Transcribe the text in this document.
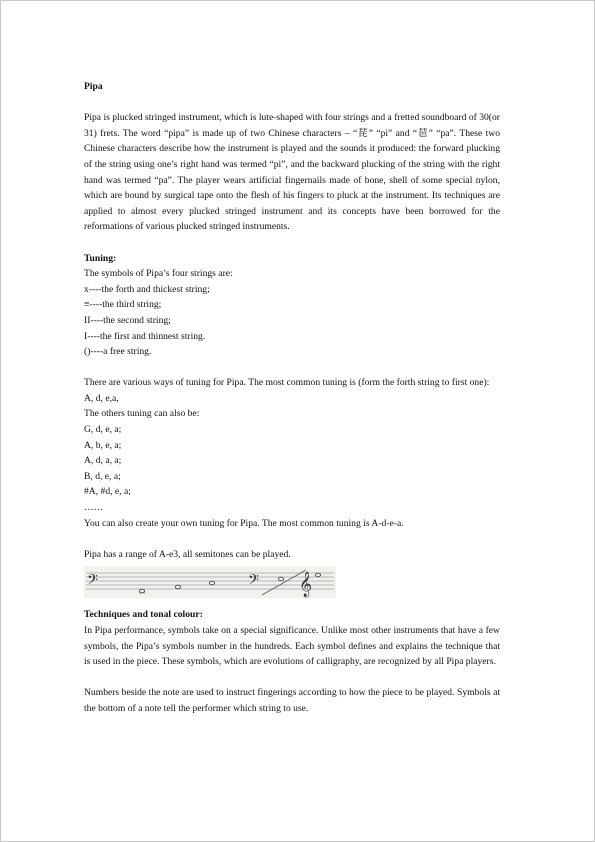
Pipa

Pipa is plucked stringed instrument, which is lute-shaped with four strings and a fretted soundboard of 30(or 31) frets. The word “pipa” is made up of two Chinese characters – “琵” “pi” and “琶” “pa”. These two Chinese characters describe how the instrument is played and the sounds it produced: the forward plucking of the string using one’s right hand was termed “pi”, and the backward plucking of the string with the right hand was termed “pa”. The player wears artificial fingernails made of bone, shell of some special nylon, which are bound by surgical tape onto the flesh of his fingers to pluck at the instrument. Its techniques are applied to almost every plucked stringed instrument and its concepts have been borrowed for the reformations of various plucked stringed instruments.

Tuning:

The symbols of Pipa’s four strings are:

x----the forth and thickest string;

≡----the third string;

II----the second string;

I----the first and thinnest string.

()----a free string.

There are various ways of tuning for Pipa. The most common tuning is (form the forth string to first one):

A, d, e,a,

The others tuning can also be:

G, d, e, a;

A, b, e, a;

A, d, a, a;

B, d, e, a;

#A, #d, e, a;

……

You can also create your own tuning for Pipa. The most common tuning is A-d-e-a.

Pipa has a range of A-e3, all semitones can be played.

𝄢	𝄢 𝄞

Techniques and tonal colour:

In Pipa performance, symbols take on a special significance. Unlike most other instruments that have a few symbols, the Pipa’s symbols number in the hundreds. Each symbol defines and explains the technique that is used in the piece. These symbols, which are evolutions of calligraphy, are recognized by all Pipa players.

Numbers beside the note are used to instruct fingerings according to how the piece to be played. Symbols at the bottom of a note tell the performer which string to use.
